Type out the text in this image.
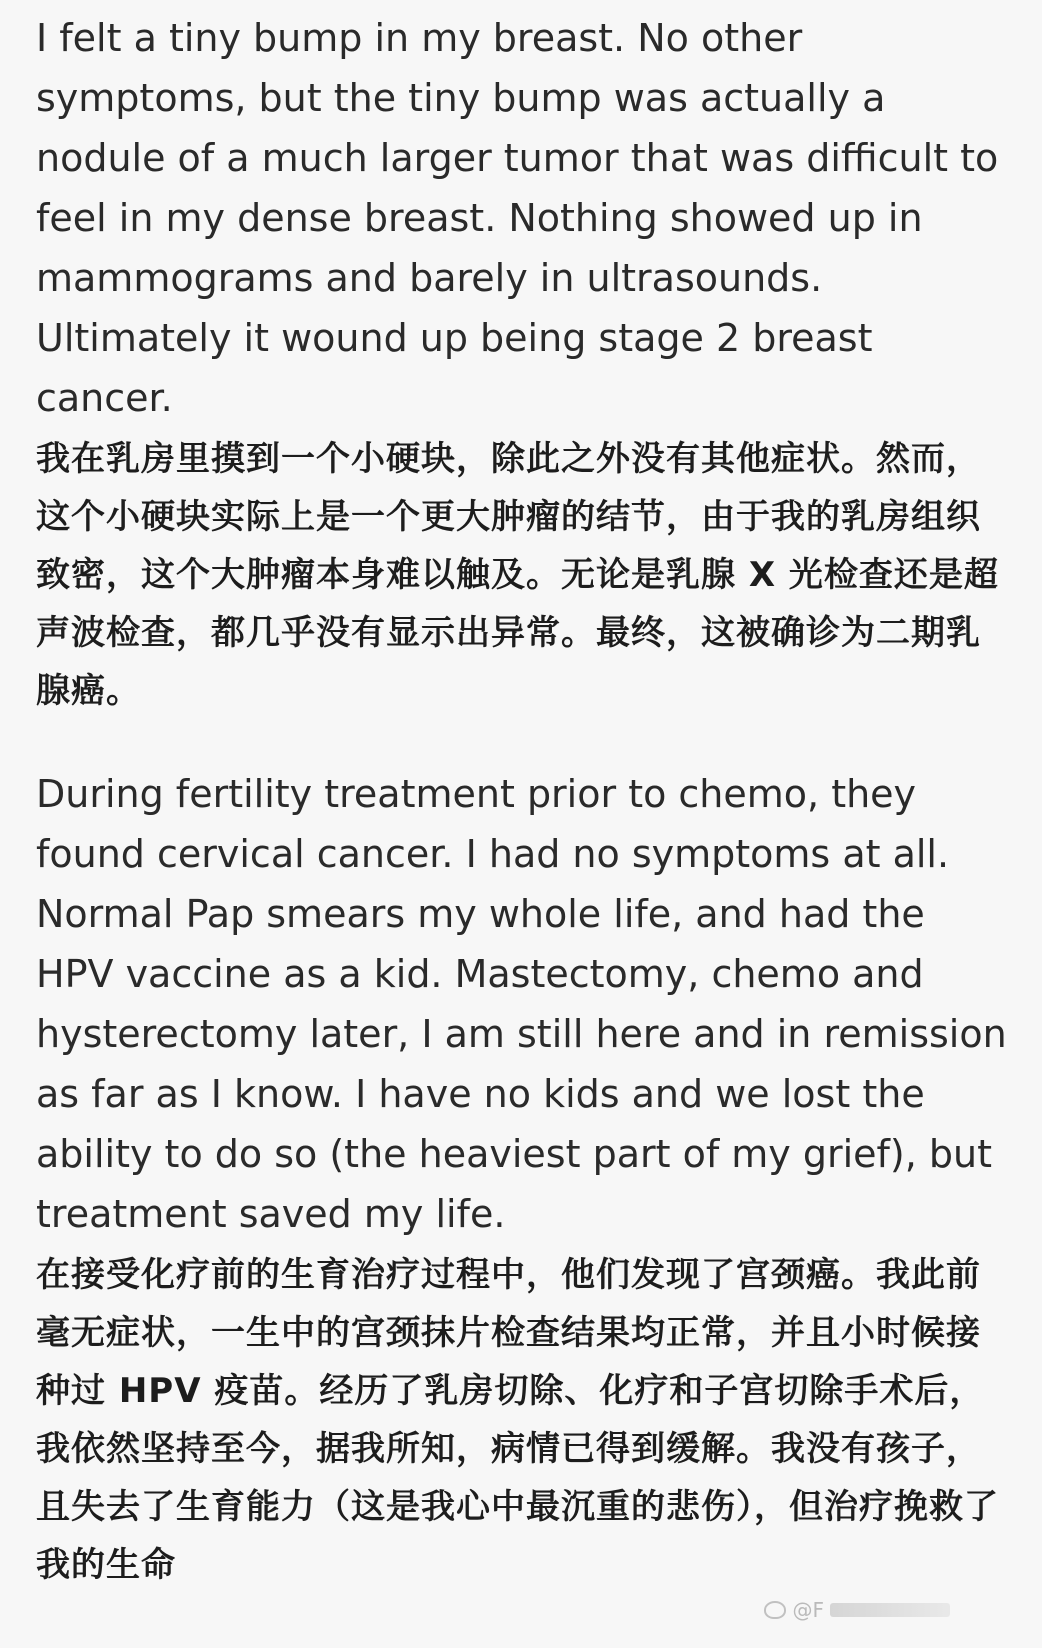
I felt a tiny bump in my breast. No other symptoms, but the tiny bump was actually a nodule of a much larger tumor that was difficult to feel in my dense breast. Nothing showed up in mammograms and barely in ultrasounds. Ultimately it wound up being stage 2 breast cancer.

我在乳房里摸到一个小硬块，除此之外没有其他症状。然而，这个小硬块实际上是一个更大肿瘤的结节，由于我的乳房组织致密，这个大肿瘤本身难以触及。无论是乳腺 X 光检查还是超声波检查，都几乎没有显示出异常。最终，这被确诊为二期乳腺癌。

During fertility treatment prior to chemo, they found cervical cancer. I had no symptoms at all. Normal Pap smears my whole life, and had the HPV vaccine as a kid. Mastectomy, chemo and hysterectomy later, I am still here and in remission as far as I know. I have no kids and we lost the ability to do so (the heaviest part of my grief), but treatment saved my life.

在接受化疗前的生育治疗过程中，他们发现了宫颈癌。我此前毫无症状，一生中的宫颈抹片检查结果均正常，并且小时候接种过 HPV 疫苗。经历了乳房切除、化疗和子宫切除手术后，我依然坚持至今，据我所知，病情已得到缓解。我没有孩子，且失去了生育能力（这是我心中最沉重的悲伤），但治疗挽救了我的生命

@F
